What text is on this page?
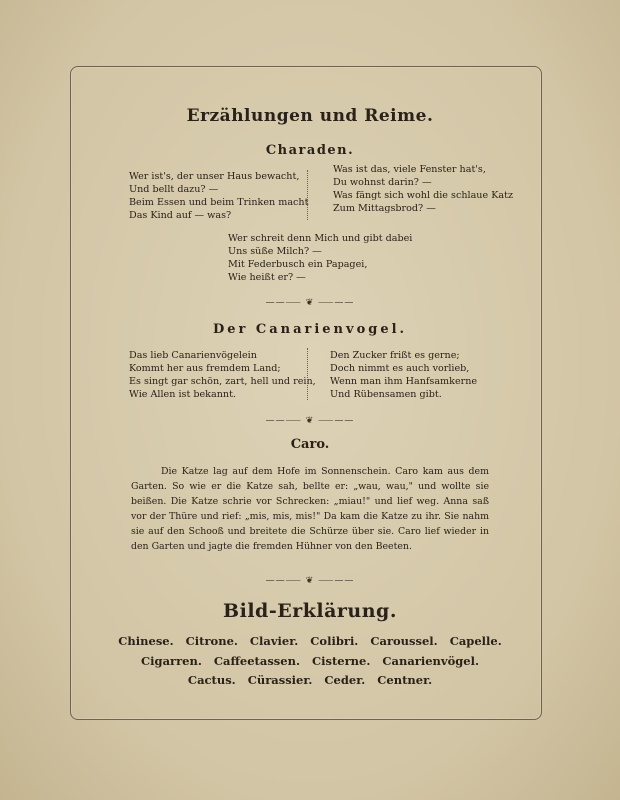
Erzählungen und Reime.
Charaden.
Wer ist's, der unser Haus bewacht,
Und bellt dazu? —
Beim Essen und beim Trinken macht
Das Kind auf — was?
Was ist das, viele Fenster hat's,
Du wohnst darin? —
Was fängt sich wohl die schlaue Katz
Zum Mittagsbrod? —
Wer schreit denn Mich und gibt dabei
Uns süße Milch? —
Mit Federbusch ein Papagei,
Wie heißt er? —
——⸺ ❦ ⸺——
Der Canarienvogel.
Das lieb Canarienvögelein
Kommt her aus fremdem Land;
Es singt gar schön, zart, hell und rein,
Wie Allen ist bekannt.
Den Zucker frißt es gerne;
Doch nimmt es auch vorlieb,
Wenn man ihm Hanfsamkerne
Und Rübensamen gibt.
——⸺ ❦ ⸺——
Caro.

Die Katze lag auf dem Hofe im Sonnenschein. Caro kam aus dem Garten. So wie er die Katze sah, bellte er: „wau, wau," und wollte sie beißen. Die Katze schrie vor Schrecken: „miau!" und lief weg. Anna saß vor der Thüre und rief: „mis, mis, mis!" Da kam die Katze zu ihr. Sie nahm sie auf den Schooß und breitete die Schürze über sie. Caro lief wieder in den Garten und jagte die fremden Hühner von den Beeten.

——⸺ ❦ ⸺——
Bild-Erklärung.
Chinese. Citrone. Clavier. Colibri. Caroussel. Capelle.
Cigarren. Caffeetassen. Cisterne. Canarienvögel.
Cactus. Cürassier. Ceder. Centner.
